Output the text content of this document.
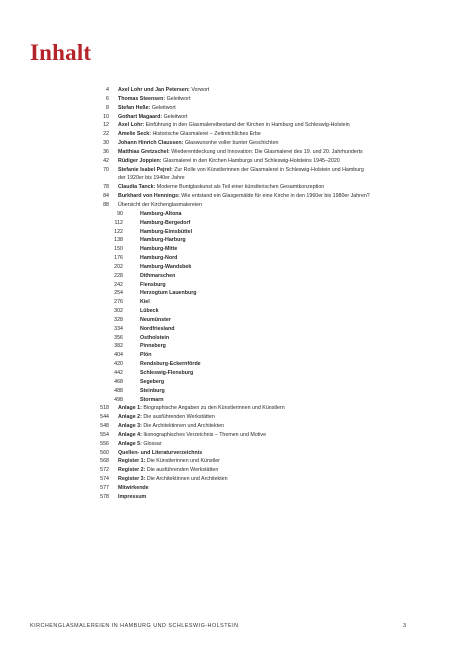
Inhalt
4 Axel Lohr und Jan Petersen: Vorwort
6 Thomas Steensen: Geleitwort
8 Stefan Heße: Geleitwort
10 Gothart Magaard: Geleitwort
12 Axel Lohr: Einführung in den Glasmalereibestand der Kirchen in Hamburg und Schleswig-Holstein
22 Amelie Seck: Historische Glasmalerei – Zeitreichliches Erbe
30 Johann Hinrich Claussen: Glaswunsnhe voller bunter Geschichten
36 Matthias Gretzschel: Wiederentdeckung und Innovation: Die Glasmalerei des 19. und 20. Jahrhunderts
42 Rüdiger Joppien: Glasmalerei in den Kirchen Hamburgs und Schleswig-Holsteins 1945–2020
70 Stefanie Isabel Pejrel: Zur Rolle von Künstlerinnen der Glasmalerei in Schleswig-Holstein und Hamburg
der 1920er bis 1940er Jahre
78 Claudia Tanck: Moderne Buntglaskunst als Teil einer künstlerischen Gesamtkonzeption
84 Burkhard von Hennings: Wie entstand ein Glasgemälde für eine Kirche in den 1960er bis 1980er Jahren?
88 Übersicht der Kirchenglasmalereien
90	Hamburg-Altona
112	Hamburg-Bergedorf
122	Hamburg-Eimsbüttel
138	Hamburg-Harburg
150	Hamburg-Mitte
176	Hamburg-Nord
202	Hamburg-Wandsbek
228	Dithmarschen
242	Flensburg
254	Herzogtum Lauenburg
276	Kiel
302	Lübeck
328	Neumünster
334	Nordfriesland
356	Ostholstein
382	Pinneberg
404	Plön
420	Rendsburg-Eckernförde
442	Schleswig-Flensburg
468	Segeberg
488	Steinburg
498	Stormarn
518 Anlage 1: Biographische Angaben zu den Künstlerinnen und Künstlern
544 Anlage 2: Die ausführenden Werkstätten
548 Anlage 3: Die Architektinnen und Architekten
554 Anlage 4: Ikonographisches Verzeichnis – Themen und Motive
556 Anlage 5: Glossar
560 Quellen- und Literaturverzeichnis
568 Register 1: Die Künstlerinnen und Künstler
572 Register 2: Die ausführenden Werkstätten
574 Register 3: Die Architektinnen und Architekten
577 Mitwirkende
578 Impressum
KIRCHENGLASMALEREIEN IN HAMBURG UND SCHLESWIG-HOLSTEIN	3
